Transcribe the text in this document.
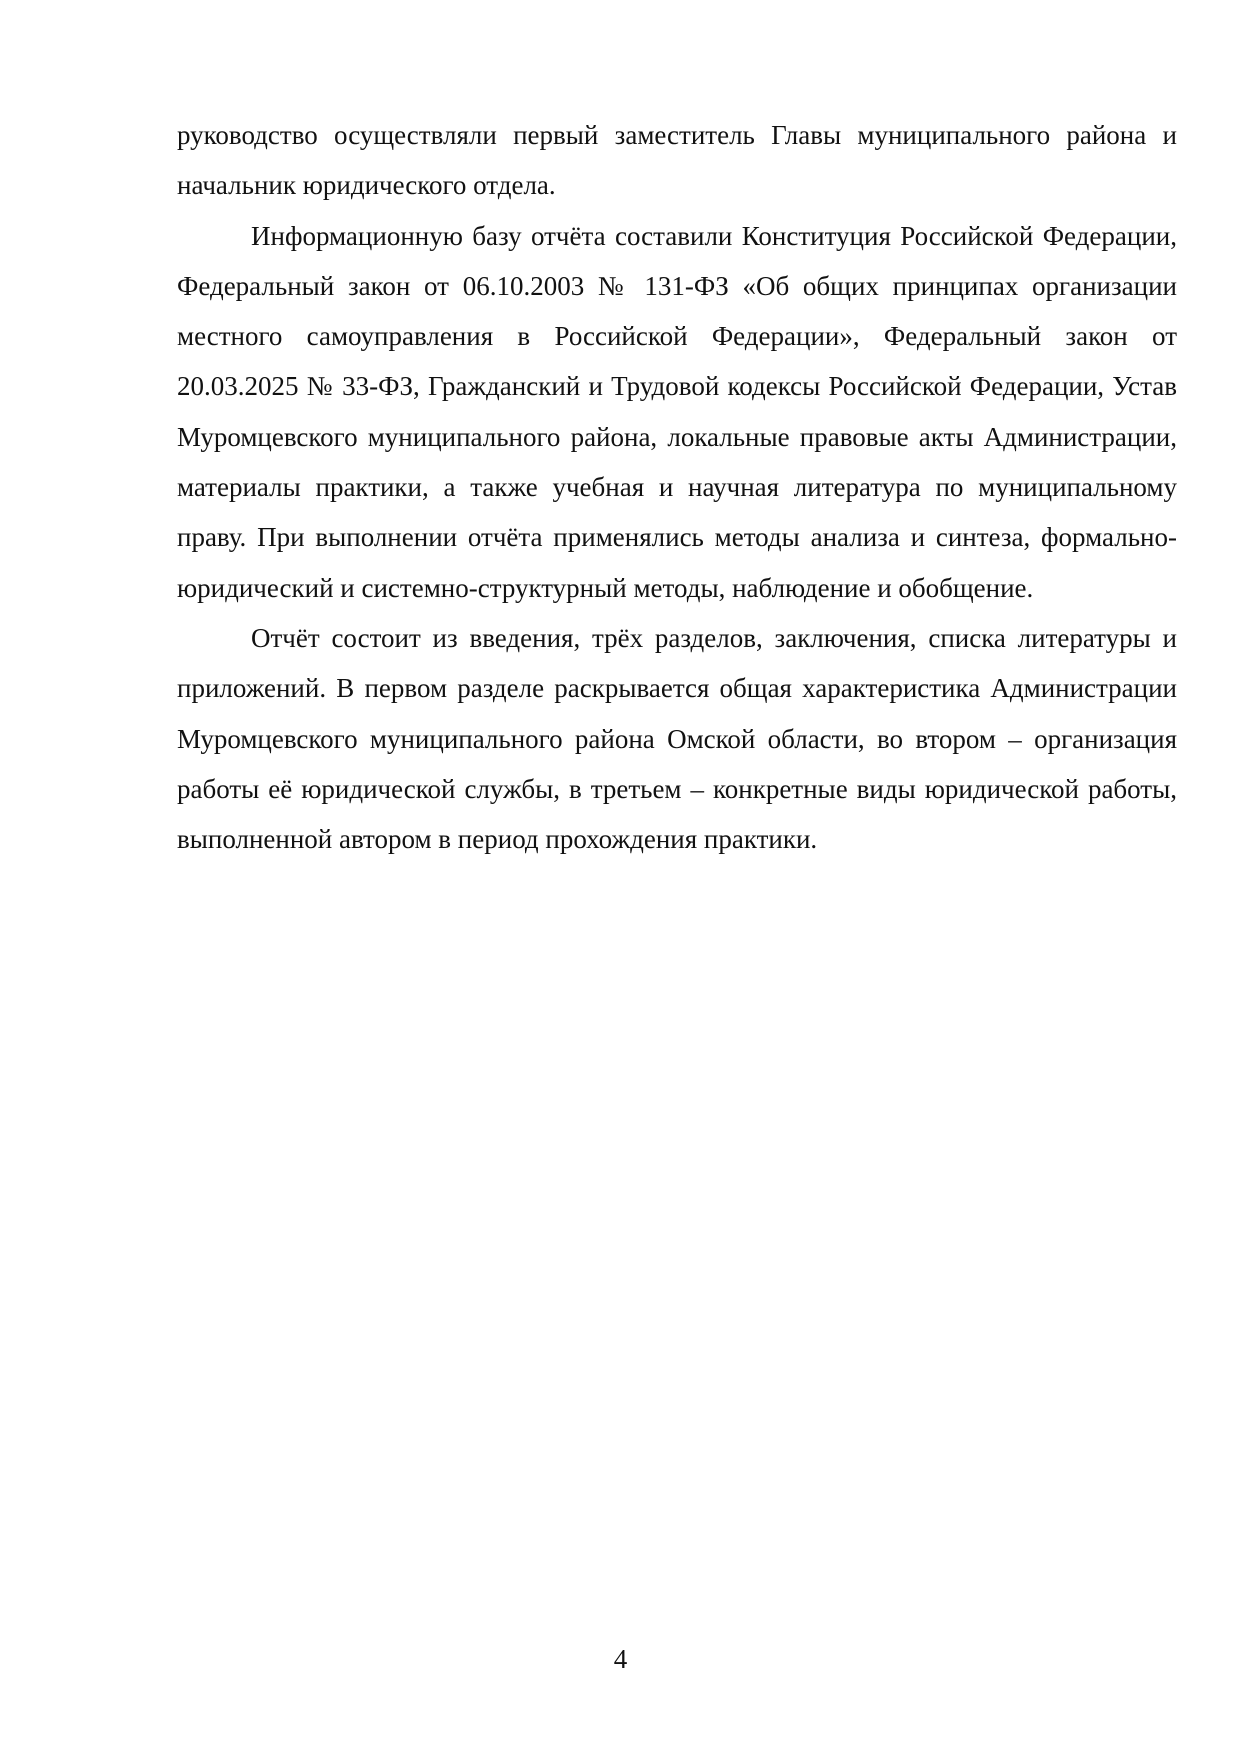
руководство осуществляли первый заместитель Главы муниципального района и начальник юридического отдела.

Информационную базу отчёта составили Конституция Российской Федерации, Федеральный закон от 06.10.2003 № 131-ФЗ «Об общих принципах организации местного самоуправления в Российской Федерации», Федеральный закон от 20.03.2025 № 33-ФЗ, Гражданский и Трудовой кодексы Российской Федерации, Устав Муромцевского муниципального района, локальные правовые акты Администрации, материалы практики, а также учебная и научная литература по муниципальному праву. При выполнении отчёта применялись методы анализа и синтеза, формально-юридический и системно-структурный методы, наблюдение и обобщение.

Отчёт состоит из введения, трёх разделов, заключения, списка литературы и приложений. В первом разделе раскрывается общая характеристика Администрации Муромцевского муниципального района Омской области, во втором – организация работы её юридической службы, в третьем – конкретные виды юридической работы, выполненной автором в период прохождения практики.

4
